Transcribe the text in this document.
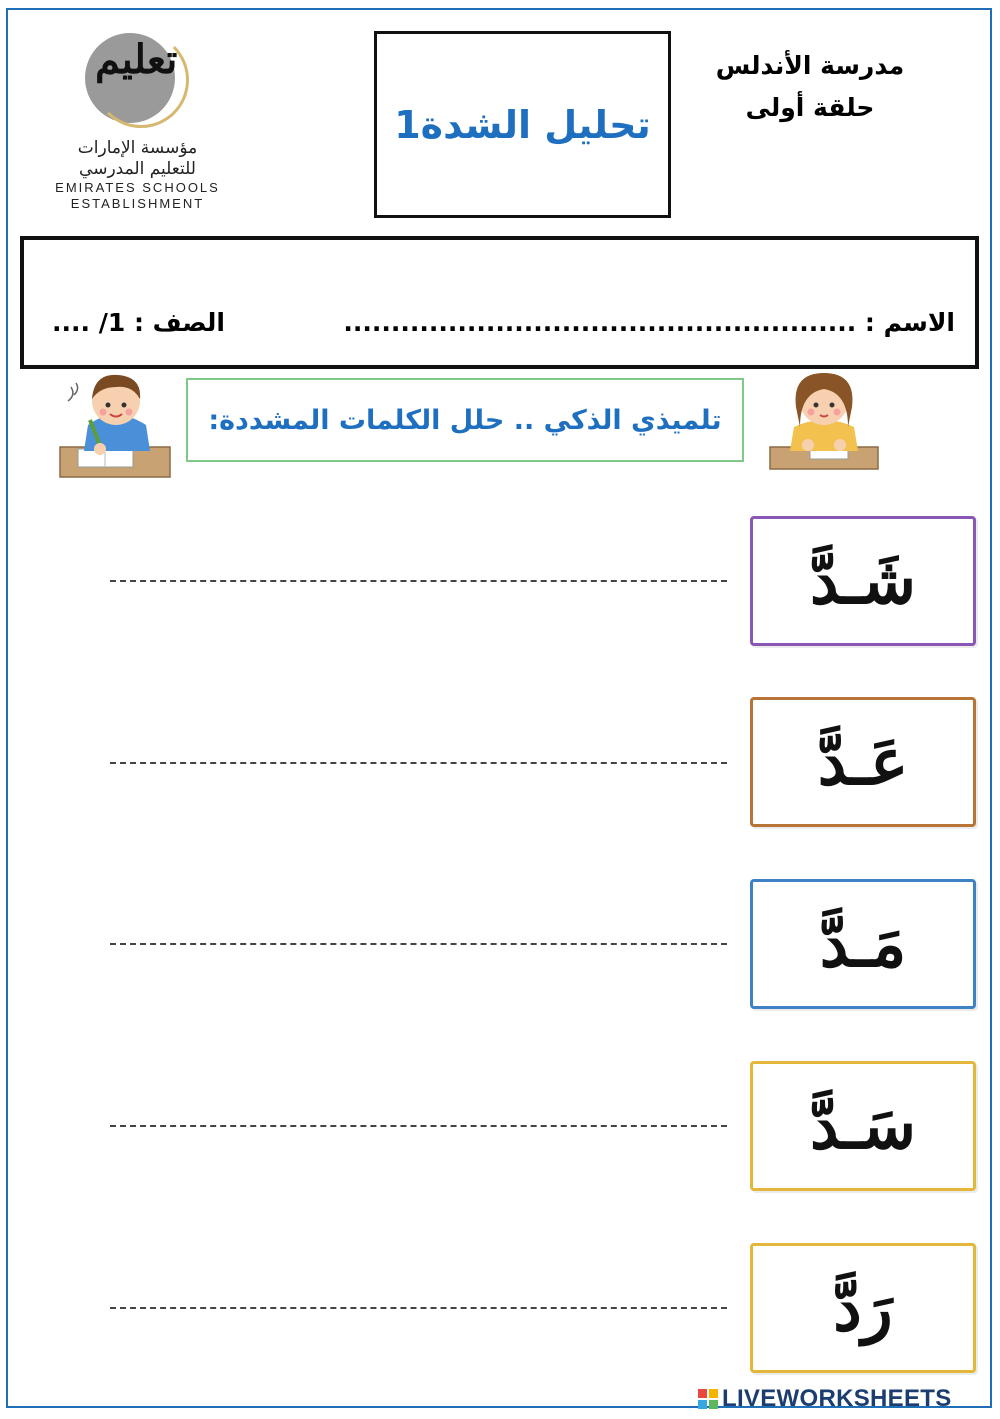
تعليم
مؤسسة الإمارات
للتعليم المدرسي
EMIRATES SCHOOLS
ESTABLISHMENT
تحليل الشدة1
مدرسة الأندلس
حلقة أولى
الاسم : ......................................................
الصف : 1/ ....
تلميذي الذكي .. حلل الكلمات المشددة:
شَـدَّ
عَـدَّ
مَـدَّ
سَـدَّ
رَدَّ
LIVEWORKSHEETS
